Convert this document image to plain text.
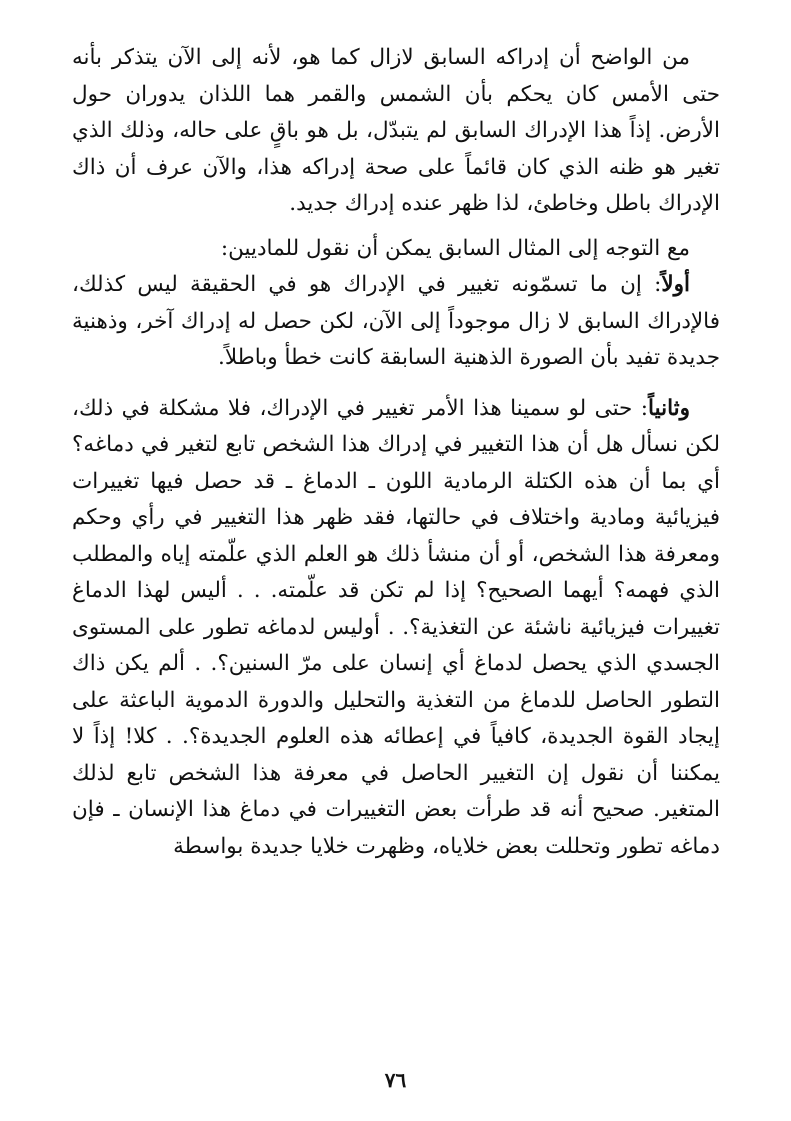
من الواضح أن إدراكه السابق لازال كما هو، لأنه إلى الآن يتذكر بأنه حتى الأمس كان يحكم بأن الشمس والقمر هما اللذان يدوران حول الأرض. إذاً هذا الإدراك السابق لم يتبدّل، بل هو باقٍ على حاله، وذلك الذي تغير هو ظنه الذي كان قائماً على صحة إدراكه هذا، والآن عرف أن ذاك الإدراك باطل وخاطئ، لذا ظهر عنده إدراك جديد.

مع التوجه إلى المثال السابق يمكن أن نقول للماديين:

أولاً: إن ما تسمّونه تغيير في الإدراك هو في الحقيقة ليس كذلك، فالإدراك السابق لا زال موجوداً إلى الآن، لكن حصل له إدراك آخر، وذهنية جديدة تفيد بأن الصورة الذهنية السابقة كانت خطأ وباطلاً.

وثانياً: حتى لو سمينا هذا الأمر تغيير في الإدراك، فلا مشكلة في ذلك، لكن نسأل هل أن هذا التغيير في إدراك هذا الشخص تابع لتغير في دماغه؟ أي بما أن هذه الكتلة الرمادية اللون ـ الدماغ ـ قد حصل فيها تغييرات فيزيائية ومادية واختلاف في حالتها، فقد ظهر هذا التغيير في رأي وحكم ومعرفة هذا الشخص، أو أن منشأ ذلك هو العلم الذي علّمته إياه والمطلب الذي فهمه؟ أيهما الصحيح؟ إذا لم تكن قد علّمته. . . أليس لهذا الدماغ تغييرات فيزيائية ناشئة عن التغذية؟. . أوليس لدماغه تطور على المستوى الجسدي الذي يحصل لدماغ أي إنسان على مرّ السنين؟. . ألم يكن ذاك التطور الحاصل للدماغ من التغذية والتحليل والدورة الدموية الباعثة على إيجاد القوة الجديدة، كافياً في إعطائه هذه العلوم الجديدة؟. . كلا! إذاً لا يمكننا أن نقول إن التغيير الحاصل في معرفة هذا الشخص تابع لذلك المتغير. صحيح أنه قد طرأت بعض التغييرات في دماغ هذا الإنسان ـ فإن دماغه تطور وتحللت بعض خلاياه، وظهرت خلايا جديدة بواسطة

٧٦
